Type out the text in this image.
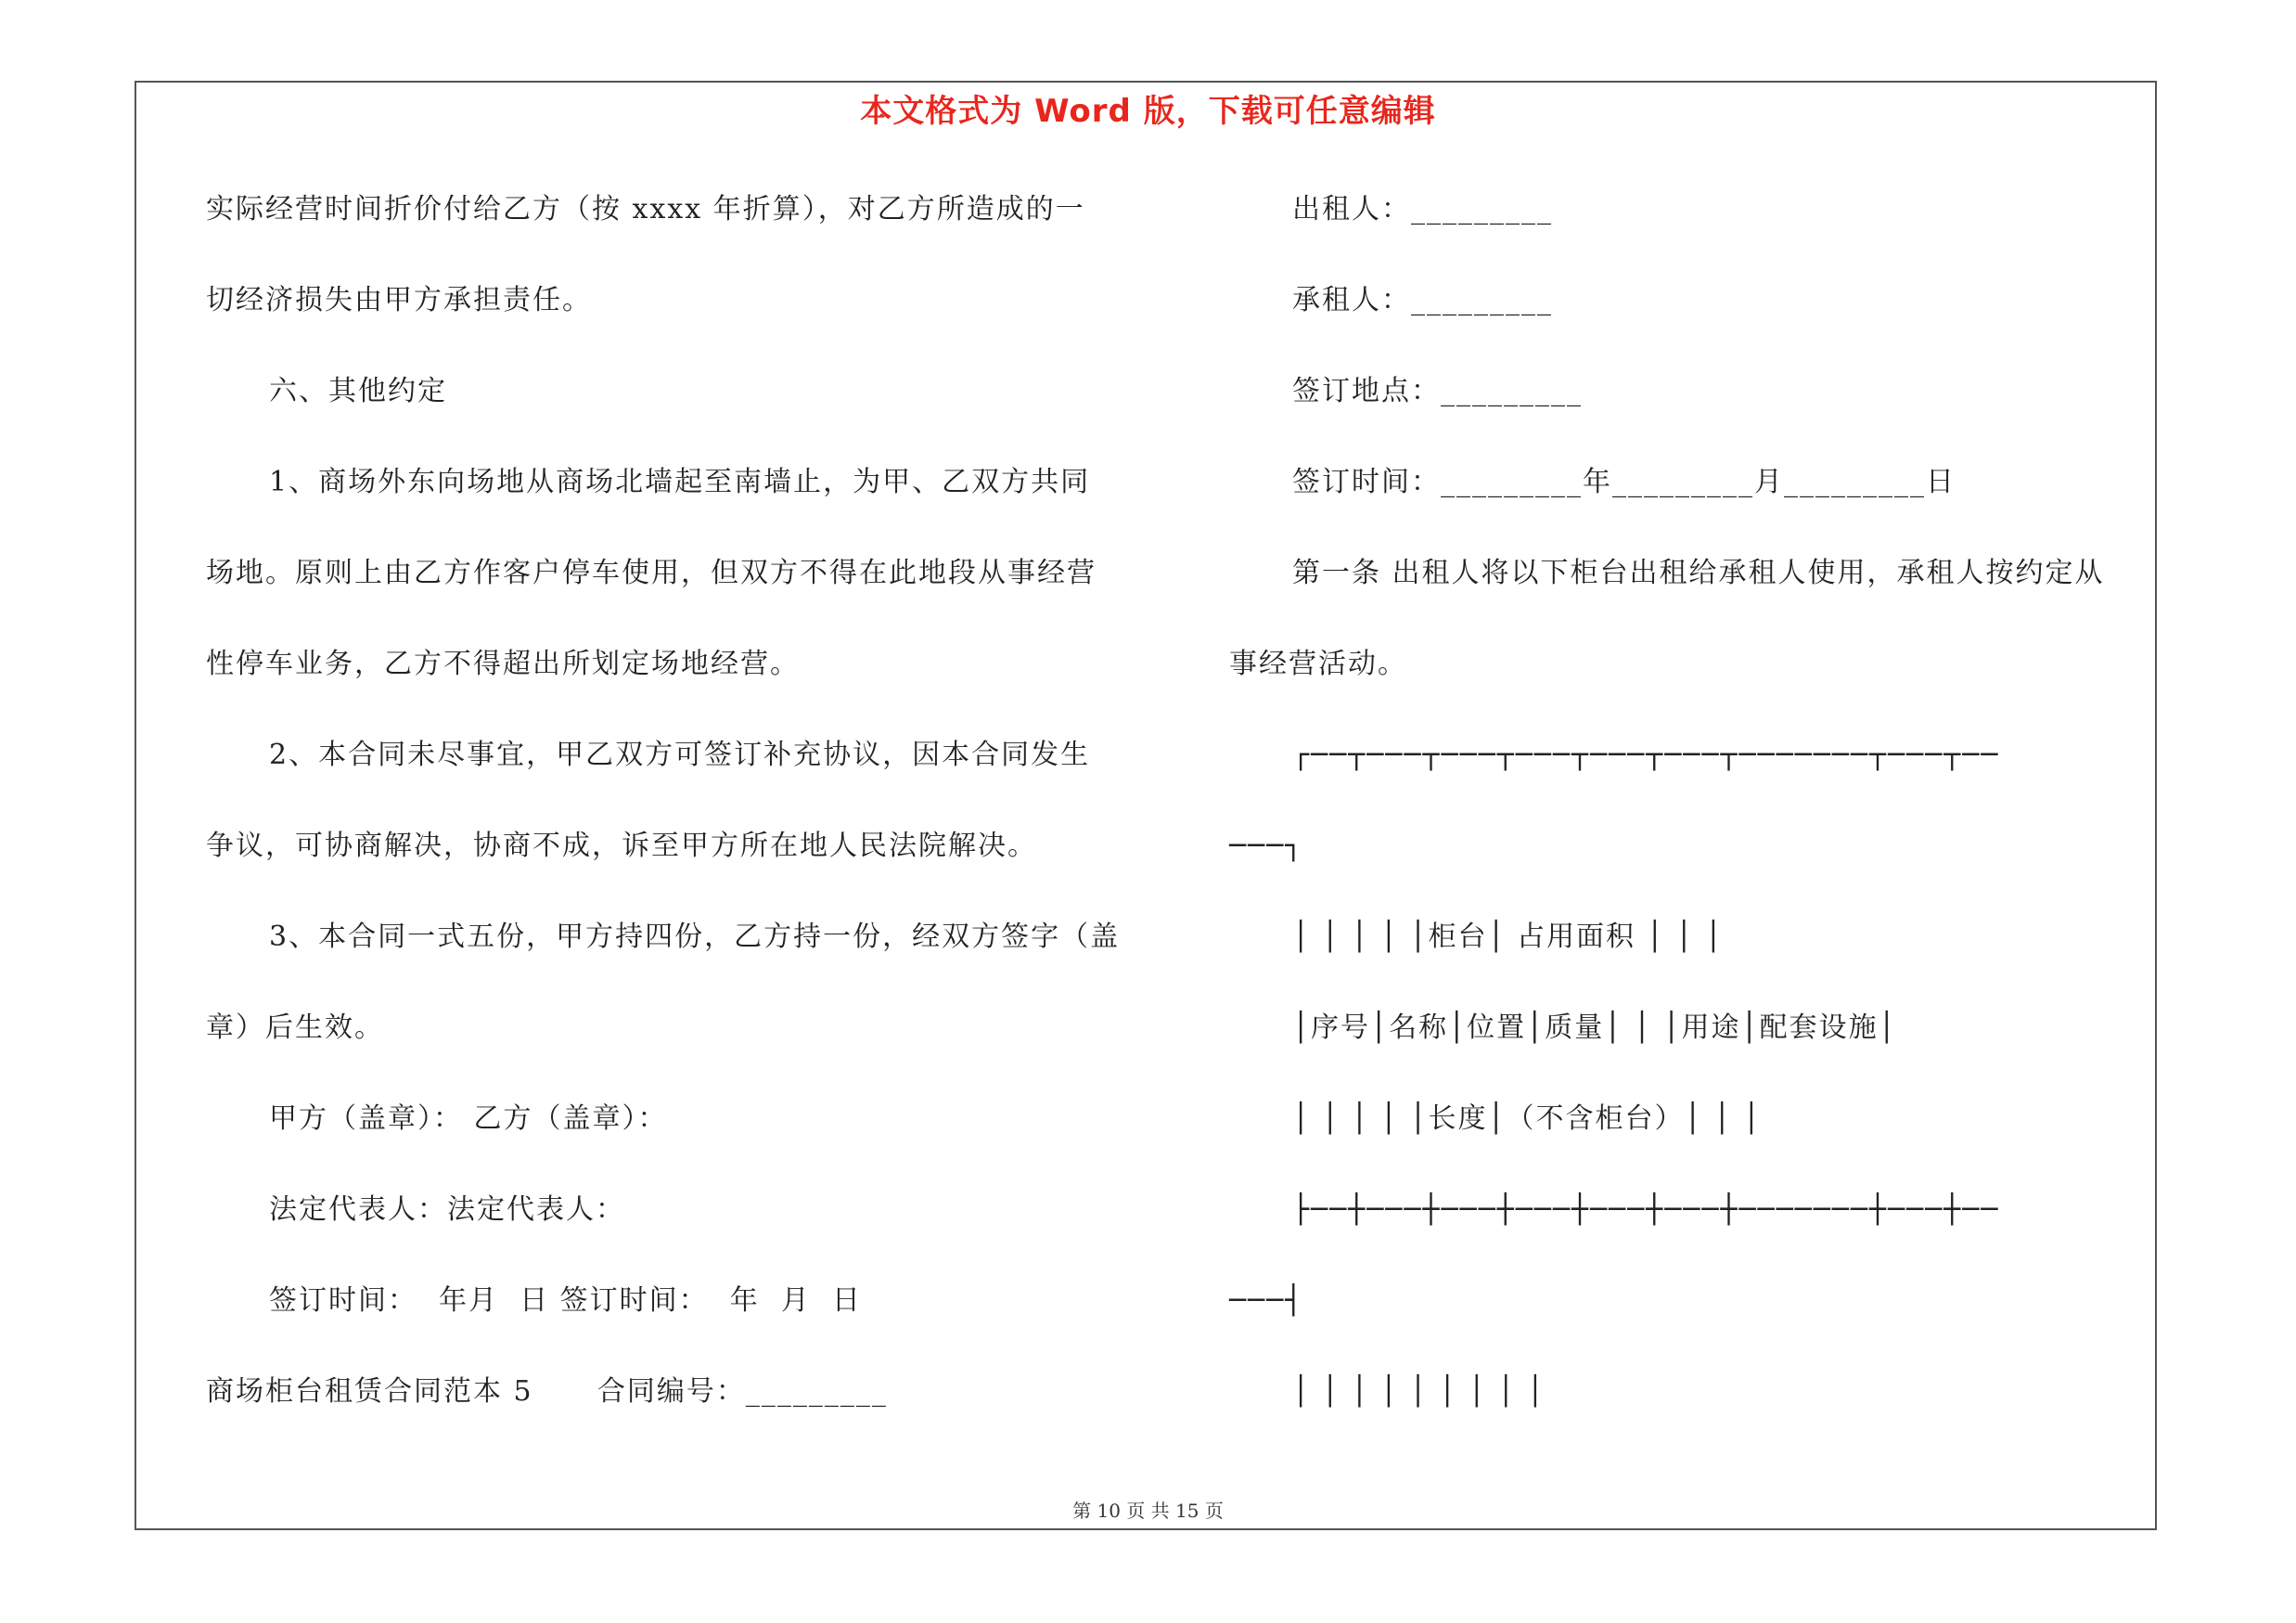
本文格式为 Word 版，下载可任意编辑
实际经营时间折价付给乙方（按 xxxx 年折算），对乙方所造成的一
切经济损失由甲方承担责任。
六、其他约定
1、商场外东向场地从商场北墙起至南墙止，为甲、乙双方共同
场地。原则上由乙方作客户停车使用，但双方不得在此地段从事经营
性停车业务，乙方不得超出所划定场地经营。
2、本合同未尽事宜，甲乙双方可签订补充协议，因本合同发生
争议，可协商解决，协商不成，诉至甲方所在地人民法院解决。
3、本合同一式五份，甲方持四份，乙方持一份，经双方签字（盖
章）后生效。
甲方（盖章）： 乙方（盖章）：
法定代表人：法定代表人：
签订时间：  年月  日 签订时间：  年  月  日
商场柜台租赁合同范本 5      合同编号：_________
出租人：_________
承租人：_________
签订地点：_________
签订时间：_________年_________月_________日
第一条 出租人将以下柜台出租给承租人使用，承租人按约定从
事经营活动。
┌──┬───┬───┬───┬───┬───┬───────┬───┬──
───┐
│ │ │ │ │柜台│ 占用面积 │ │ │
│序号│名称│位置│质量│ │ │用途│配套设施│
│ │ │ │ │长度│（不含柜台）│ │ │
├──┼───┼───┼───┼───┼───┼───────┼───┼──
───┤
│ │ │ │ │ │ │ │ │
第 10 页 共 15 页
